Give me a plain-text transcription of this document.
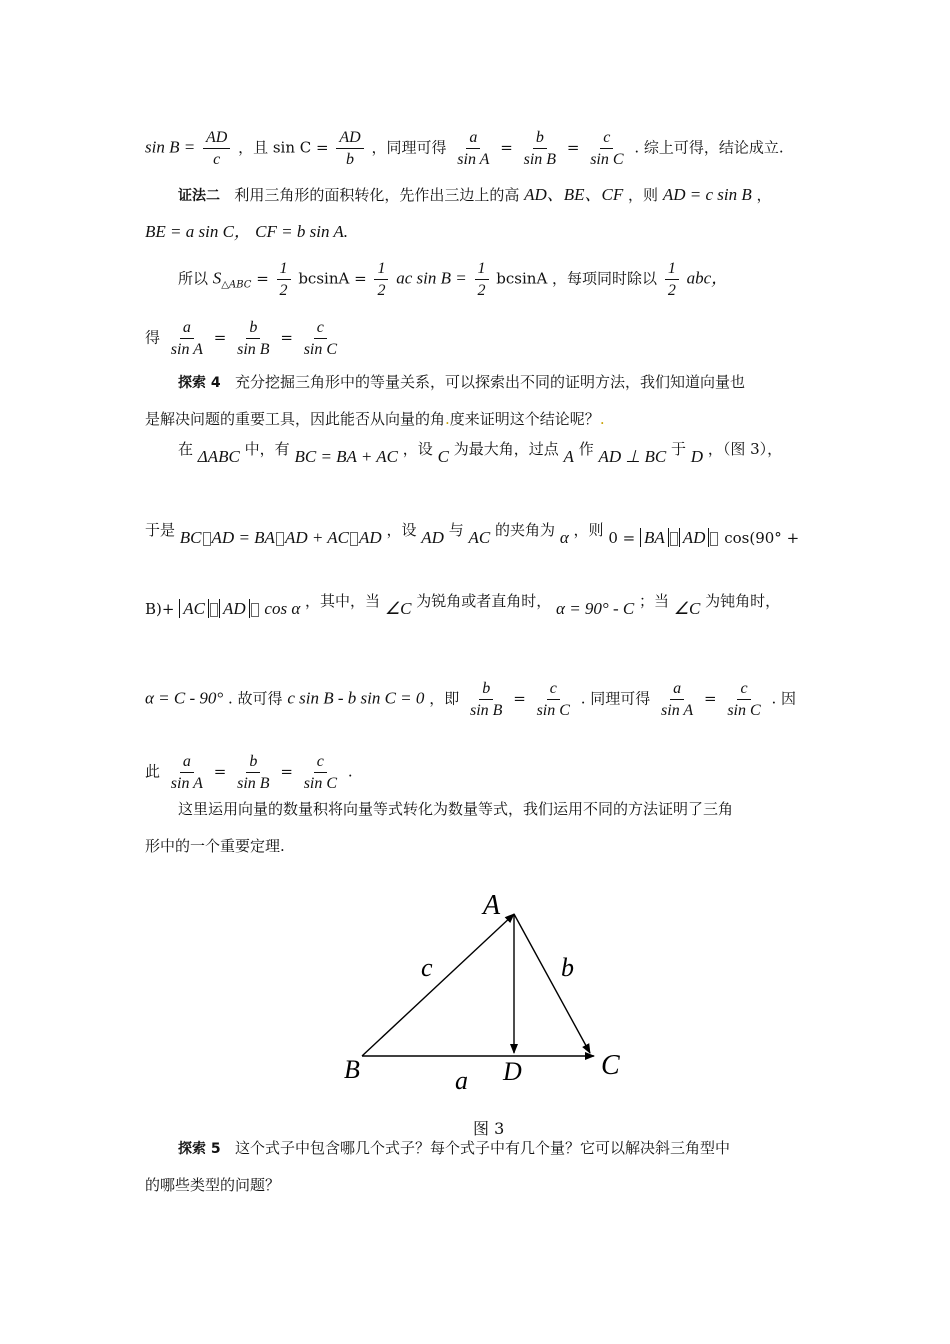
$\sin B = \frac{AD}{c}$ ，且 $\sin C = \frac{AD}{b}$ ，同理可得 $\frac{a}{\text{sin A}} = \frac{b}{\text{sin B}} = \frac{c}{\text{sin C}}$ . 综上可得，结论成立.
证法二 利用三角形的面积转化，先作出三边上的高 AD、BE、CF ，则 AD = c sin B ，
BE = a sin C， CF = b sin A.
所以 $S_{\triangle ABC} = \frac{1}{2}$ $bcsinA = \frac{1}{2}$ ac $\sin B = \frac{1}{2}$ bcsinA ，每项同时除以 $\frac{1}{2}$ abc，
得 $\frac{a}{\text{sin A}} = \frac{b}{\text{sin B}} = \frac{c}{\text{sin C}}$
探索 4 充分挖掘三角形中的等量关系，可以探索出不同的证明方法，我们知道向量也
是解决问题的重要工具，因此能否从向量的角.度来证明这个结论呢？.
在 ΔABC 中，有 BC = BA + AC ，设 C 为最大角，过点 A 作 AD ⊥ BC 于 D ，（图 3），
于是 BC AD = BA AD + AC AD ，设 AD 与 AC 的夹角为 α ，则 0 = BA AD cos(90° +
B)+ AC AD cos α ，其中，当 ∠C 为锐角或者直角时， α = 90° - C ；当 ∠C 为钝角时，
α = C - 90° . 故可得 c sin B - b sin C = 0 ，即 $\frac{b}{\text{sin B}} = \frac{c}{\text{sin C}}$ . 同理可得 $\frac{a}{\text{sin A}} = \frac{c}{\text{sin C}}$ . 因
此 $\frac{a}{\text{sin A}} = \frac{b}{\text{sin B}} = \frac{c}{\text{sin C}}$ .
这里运用向量的数量积将向量等式转化为数量等式，我们运用不同的方法证明了三角
形中的一个重要定理.
A
B	C
D
a
b
c
图 3
探索 5 这个式子中包含哪几个式子？每个式子中有几个量？它可以解决斜三角型中
的哪些类型的问题？
